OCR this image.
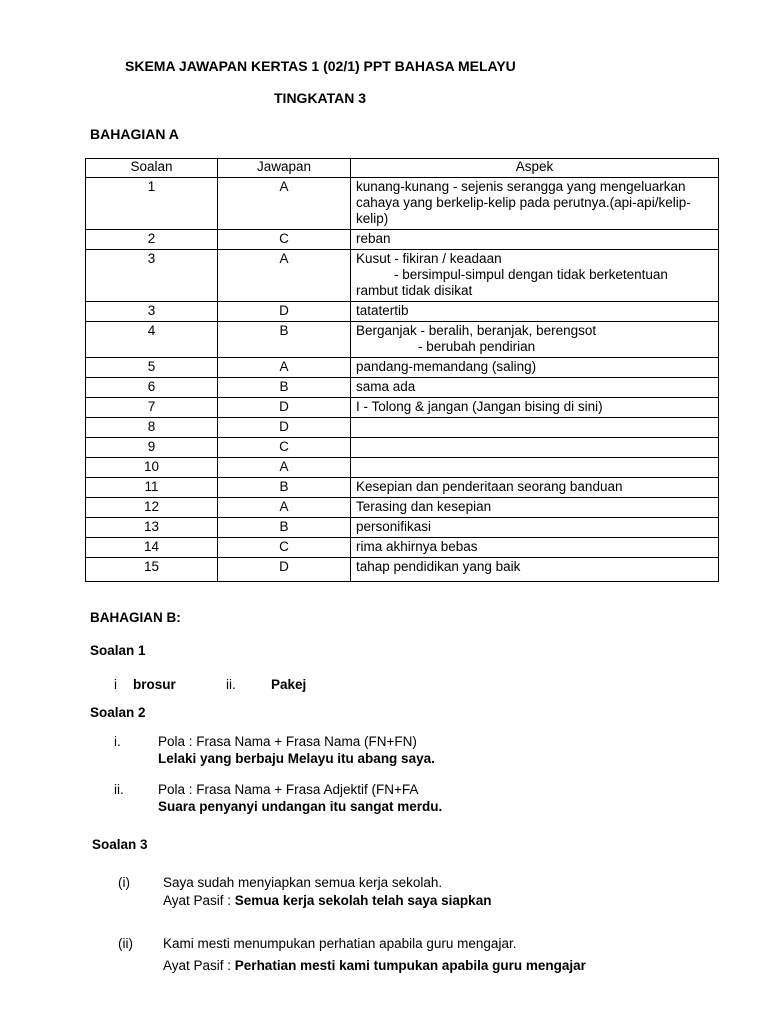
SKEMA JAWAPAN KERTAS 1 (02/1) PPT BAHASA MELAYU
TINGKATAN 3
BAHAGIAN A
Soalan	Jawapan	Aspek
1	A	kunang-kunang - sejenis serangga yang mengeluarkan
cahaya yang berkelip-kelip pada perutnya.(api-api/kelip-
kelip)

2	C	reban
3	A	Kusut - fikiran / keadaan
- bersimpul-simpul dengan tidak berketentuan
rambut tidak disikat

3	D	tatatertib
4	B	Berganjak - beralih, beranjak, berengsot
- berubah pendirian

5	A	pandang-memandang (saling)
6	B	sama ada
7	D	I - Tolong & jangan (Jangan bising di sini)
8	D	
9	C	
10	A	
11	B	Kesepian dan penderitaan seorang banduan
12	A	Terasing dan kesepian
13	B	personifikasi
14	C	rima akhirnya bebas
15	D	tahap pendidikan yang baik
BAHAGIAN B:
Soalan 1
i brosur	ii.	Pakej
Soalan 2
i.	Pola : Frasa Nama + Frasa Nama (FN+FN)
Lelaki yang berbaju Melayu itu abang saya.
ii.	Pola : Frasa Nama + Frasa Adjektif (FN+FA
Suara penyanyi undangan itu sangat merdu.
Soalan 3
(i) Saya sudah menyiapkan semua kerja sekolah.
Ayat Pasif : Semua kerja sekolah telah saya siapkan
(ii) Kami mesti menumpukan perhatian apabila guru mengajar.
Ayat Pasif : Perhatian mesti kami tumpukan apabila guru mengajar
